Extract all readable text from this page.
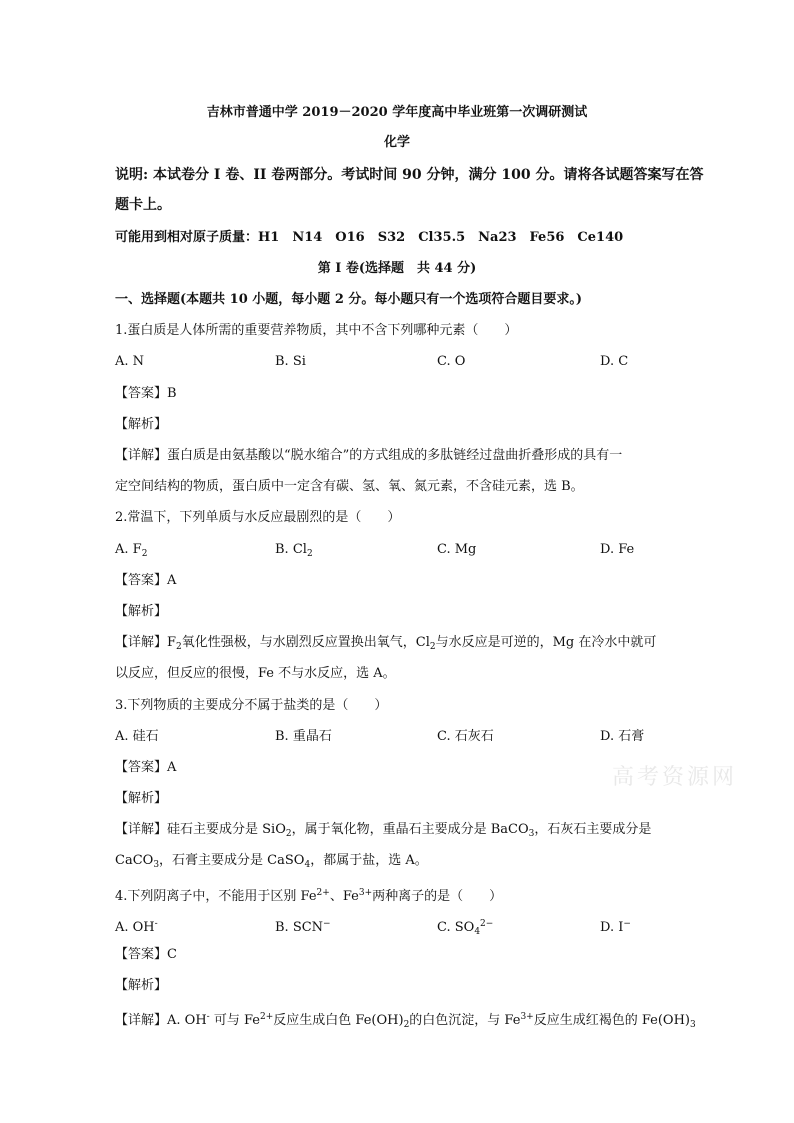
吉林市普通中学 2019－2020 学年度高中毕业班第一次调研测试
化学
说明: 本试卷分 I 卷、II 卷两部分。考试时间 90 分钟，满分 100 分。请将各试题答案写在答
题卡上。
可能用到相对原子质量：H1　N14　O16　S32　Cl35.5　Na23　Fe56　Ce140
第 I 卷(选择题　共 44 分)
一、选择题(本题共 10 小题，每小题 2 分。每小题只有一个选项符合题目要求。)
1.蛋白质是人体所需的重要营养物质，其中不含下列哪种元素（　　）
A. N	B. Si	C. O	D. C
【答案】B
【解析】
【详解】蛋白质是由氨基酸以“脱水缩合”的方式组成的多肽链经过盘曲折叠形成的具有一
定空间结构的物质，蛋白质中一定含有碳、氢、氧、氮元素，不含硅元素，选 B。
2.常温下，下列单质与水反应最剧烈的是（　　）
A. $F_2$	B. $Cl_2$	C. Mg	D. Fe
【答案】A
【解析】
【详解】$F_2$氧化性强极，与水剧烈反应置换出氧气，$Cl_2$与水反应是可逆的，Mg 在冷水中就可
以反应，但反应的很慢，Fe 不与水反应，选 A。
3.下列物质的主要成分不属于盐类的是（　　）
A. 硅石	B. 重晶石	C. 石灰石	D. 石膏
【答案】A
【解析】
【详解】硅石主要成分是 SiO$_2$，属于氧化物，重晶石主要成分是 BaCO$_3$，石灰石主要成分是
CaCO$_3$，石膏主要成分是 CaSO$_4$，都属于盐，选 A。
4.下列阴离子中，不能用于区别 $Fe^{2+}$、$Fe^{3+}$两种离子的是（　　）
A. OH-	B. SCN−	C. $SO_4^{2-}$	D. I−
【答案】C
【解析】
【详解】A. OH- 可与 $Fe^{2+}$反应生成白色 $Fe(OH)_2$的白色沉淀，与 $Fe^{3+}$反应生成红褐色的 $Fe(OH)_3$
高考资源网
